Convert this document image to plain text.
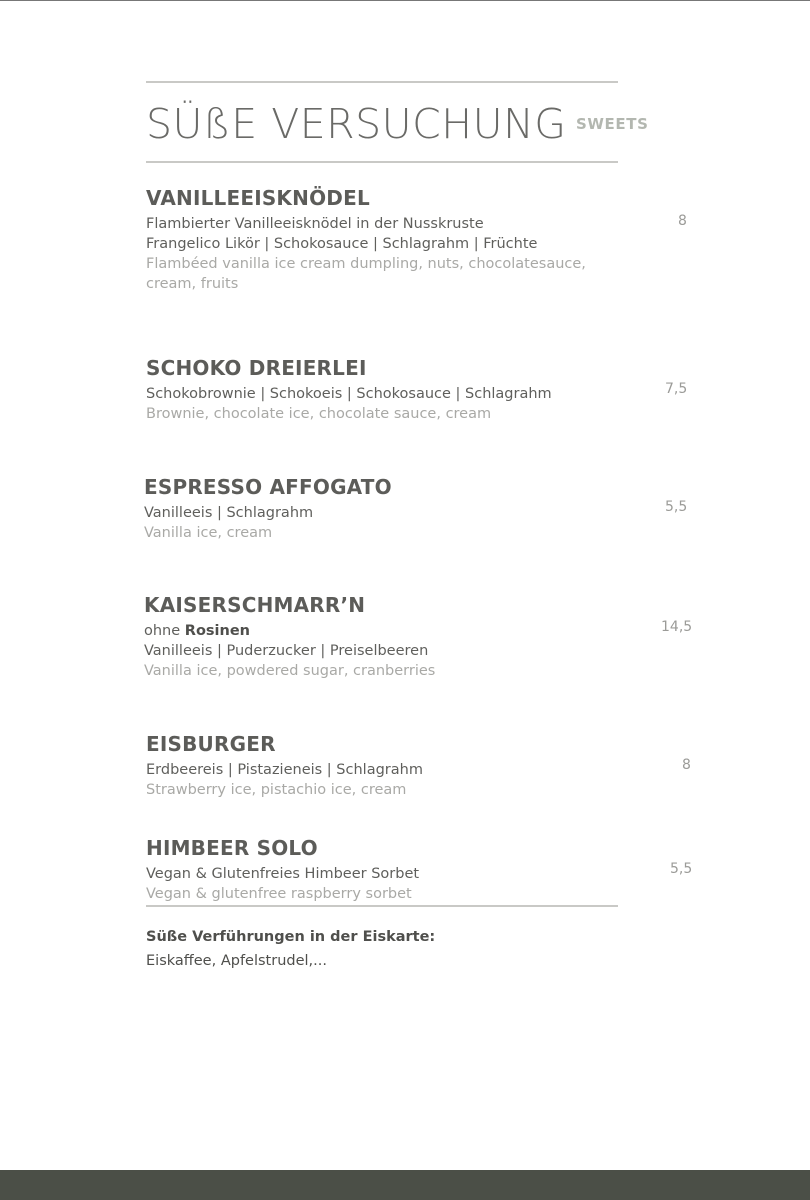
SÜßE VERSUCHUNG SWEETS
VANILLEEISKNÖDEL
Flambierter Vanilleeisknödel in der Nusskruste
Frangelico Likör | Schokosauce | Schlagrahm | Früchte
Flambéed vanilla ice cream dumpling, nuts, chocolatesauce,
cream, fruits
8
SCHOKO DREIERLEI
Schokobrownie | Schokoeis | Schokosauce | Schlagrahm
Brownie, chocolate ice, chocolate sauce, cream
7,5
ESPRESSO AFFOGATO
Vanilleeis | Schlagrahm
Vanilla ice, cream
5,5
KAISERSCHMARR’N
ohne Rosinen
Vanilleeis | Puderzucker | Preiselbeeren
Vanilla ice, powdered sugar, cranberries
14,5
EISBURGER
Erdbeereis | Pistazieneis | Schlagrahm
Strawberry ice, pistachio ice, cream
8
HIMBEER SOLO
Vegan & Glutenfreies Himbeer Sorbet
Vegan & glutenfree raspberry sorbet
5,5
Süße Verführungen in der Eiskarte:
Eiskaffee, Apfelstrudel,...
